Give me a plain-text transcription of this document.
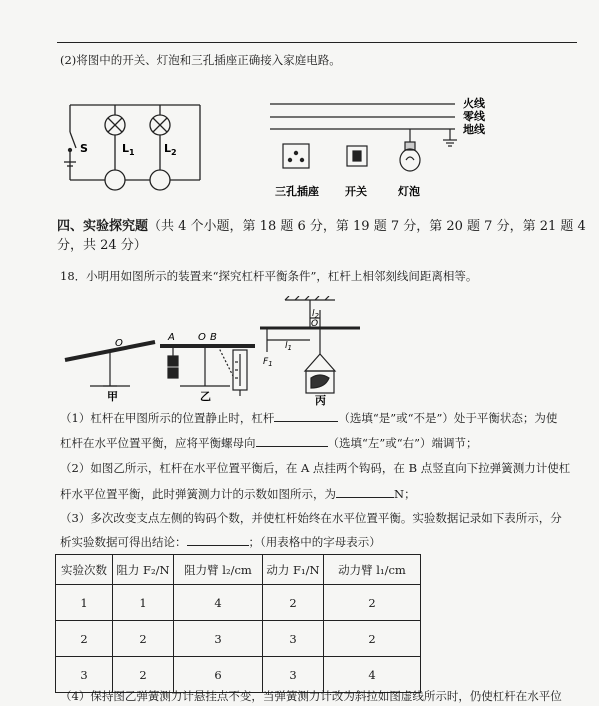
(2)将图中的开关、灯泡和三孔插座正确接入家庭电路。
S	$L_1$	$L_2$
火线
零线
地线
三孔插座 开关	灯泡
四、实验探究题（共 4 个小题，第 18 题 6 分，第 19 题 7 分，第 20 题 7 分，第 21 题 4
分，共 24 分）
18．小明用如图所示的装置来“探究杠杆平衡条件”，杠杆上相邻刻线间距离相等。
O
甲
A O B
乙
O
$l_2$
$l_1$
$F_1$
丙
（1）杠杆在甲图所示的位置静止时，杠杆	（选填“是”或“不是”）处于平衡状态；为使
杠杆在水平位置平衡，应将平衡螺母向	（选填“左”或“右”）端调节；
（2）如图乙所示，杠杆在水平位置平衡后，在 A 点挂两个钩码，在 B 点竖直向下拉弹簧测力计使杠
杆水平位置平衡，此时弹簧测力计的示数如图所示，为	N；
（3）多次改变支点左侧的钩码个数，并使杠杆始终在水平位置平衡。实验数据记录如下表所示，分
析实验数据可得出结论：	；（用表格中的字母表示）
实验次数	阻力 F₂/N	阻力臂 l₂/cm	动力 F₁/N	动力臂 l₁/cm
1	1	4	2	2
2	2	3	3	2
3	2	6	3	4
（4）保持图乙弹簧测力计悬挂点不变，当弹簧测力计改为斜拉如图虚线所示时，仍使杠杆在水平位
